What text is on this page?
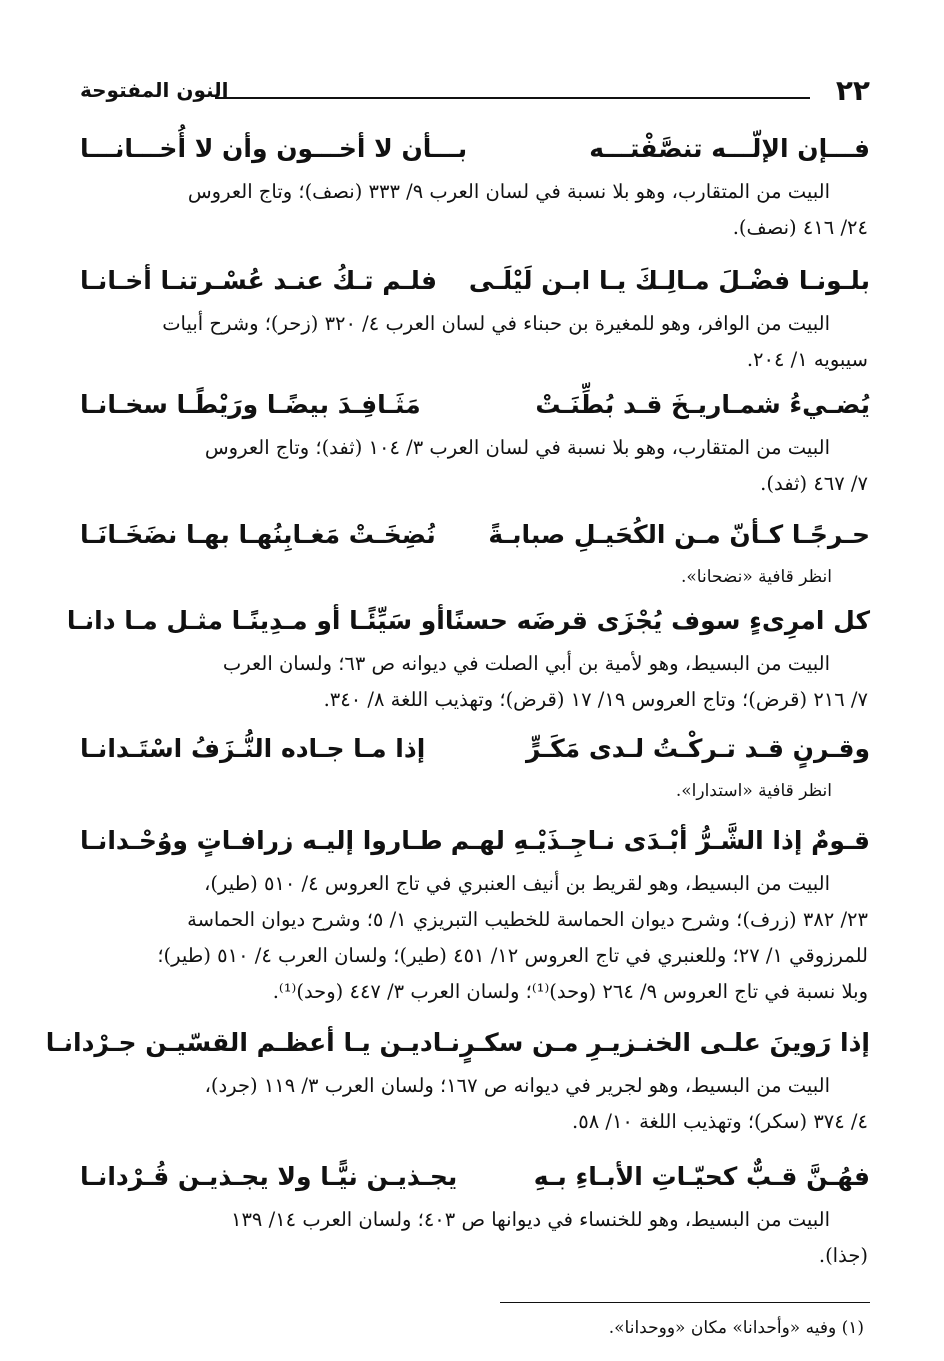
٢٢
النون المفتوحة
فـــإن الإلّـــه تنصَّفْتـــه
بـــأن لا أخـــون وأن لا أُخـــانـــا
البيت من المتقارب، وهو بلا نسبة في لسان العرب ٩/ ٣٣٣ (نصف)؛ وتاج العروس
٢٤/ ٤١٦ (نصف).
بلـونـا فضْـلَ مـالِـكَ يـا ابـن لَيْلَـى
فلـم تـكُ عنـد عُسْـرتنـا أخـانـا
البيت من الوافر، وهو للمغيرة بن حبناء في لسان العرب ٤/ ٣٢٠ (زحر)؛ وشرح أبيات
سيبويه ١/ ٢٠٤.
يُضـيءُ شمـاريـخَ قـد بُطِّنَـتْ
مَثَـافِـدَ بيضًـا ورَيْطًـا سخـانـا
البيت من المتقارب، وهو بلا نسبة في لسان العرب ٣/ ١٠٤ (ثفد)؛ وتاج العروس
٧/ ٤٦٧ (ثفد).
حـرجًـا كـأنّ مـن الكُحَيـلِ صبابـةً
نُضِخَـتْ مَغـابِنُهـا بهـا نضَخَـانَـا
انظر قافية «نضحانا».
كل امرِىءٍ سوف يُجْزَى قرضَه حسنًا
أو سَيِّئًـا أو مـدِينًـا مثـل مـا دانـا
البيت من البسيط، وهو لأمية بن أبي الصلت في ديوانه ص ٦٣؛ ولسان العرب
٧/ ٢١٦ (قرض)؛ وتاج العروس ١٩/ ١٧ (قرض)؛ وتهذيب اللغة ٨/ ٣٤٠.
وقـرنٍ قـد تـركْـتُ لـدى مَكَـرٍّ
إذا مـا جـاده النُّـزَفُ اسْتَـدانـا
انظر قافية «استدارا».
قـومٌ إذا الشَّـرُّ أبْـدَى نـاجِـذَيْـهِ لهـم
طـاروا إليـه زرافـاتٍ ووُحْـدانـا
البيت من البسيط، وهو لقريط بن أنيف العنبري في تاج العروس ٤/ ٥١٠ (طير)،
٢٣/ ٣٨٢ (زرف)؛ وشرح ديوان الحماسة للخطيب التبريزي ١/ ٥؛ وشرح ديوان الحماسة
للمرزوقي ١/ ٢٧؛ وللعنبري في تاج العروس ١٢/ ٤٥١ (طير)؛ ولسان العرب ٤/ ٥١٠ (طير)؛
وبلا نسبة في تاج العروس ٩/ ٢٦٤ (وحد)⁽¹⁾؛ ولسان العرب ٣/ ٤٤٧ (وحد)⁽¹⁾.
إذا رَوينَ علـى الخنـزيـرِ مـن سكـرٍ
نـاديـن يـا أعظـم القسّيـن جـرْدانـا
البيت من البسيط، وهو لجرير في ديوانه ص ١٦٧؛ ولسان العرب ٣/ ١١٩ (جرد)،
٤/ ٣٧٤ (سكر)؛ وتهذيب اللغة ١٠/ ٥٨.
فهُـنَّ قـبٌّ كحيّـاتِ الأبـاءِ بـهِ
يجـذيـن نيًّـا ولا يجـذيـن قُـرْدانـا
البيت من البسيط، وهو للخنساء في ديوانها ص ٤٠٣؛ ولسان العرب ١٤/ ١٣٩
(جذا).
(١) وفيه «وأحدانا» مكان «ووحدانا».
